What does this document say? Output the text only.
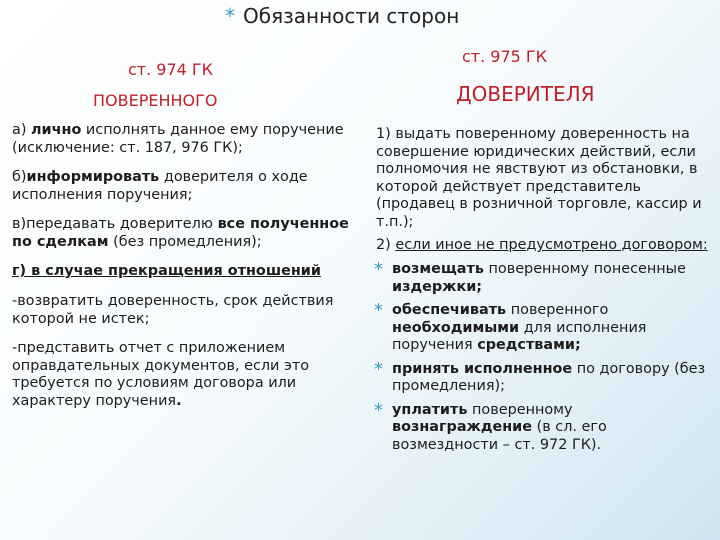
* Обязанности сторон
ст. 974 ГК
ПОВЕРЕННОГО
ст. 975 ГК
ДОВЕРИТЕЛЯ

а) лично исполнять данное ему поручение (исключение: ст. 187, 976 ГК);

б)информировать доверителя о ходе исполнения поручения;

в)передавать доверителю все полученное по сделкам (без промедления);

г) в случае прекращения отношений

-возвратить доверенность, срок действия которой не истек;

-представить отчет с приложением оправдательных документов, если это требуется по условиям договора или характеру поручения.

1) выдать поверенному доверенность на совершение юридических действий, если полномочия не явствуют из обстановки, в которой действует представитель (продавец в розничной торговле, кассир и т.п.);

2) если иное не предусмотрено договором:

* возмещать поверенному понесенные издержки;

* обеспечивать поверенного необходимыми для исполнения поручения средствами;

* принять исполненное по договору (без промедления);

* уплатить поверенному вознаграждение (в сл. его возмездности – ст. 972 ГК).
